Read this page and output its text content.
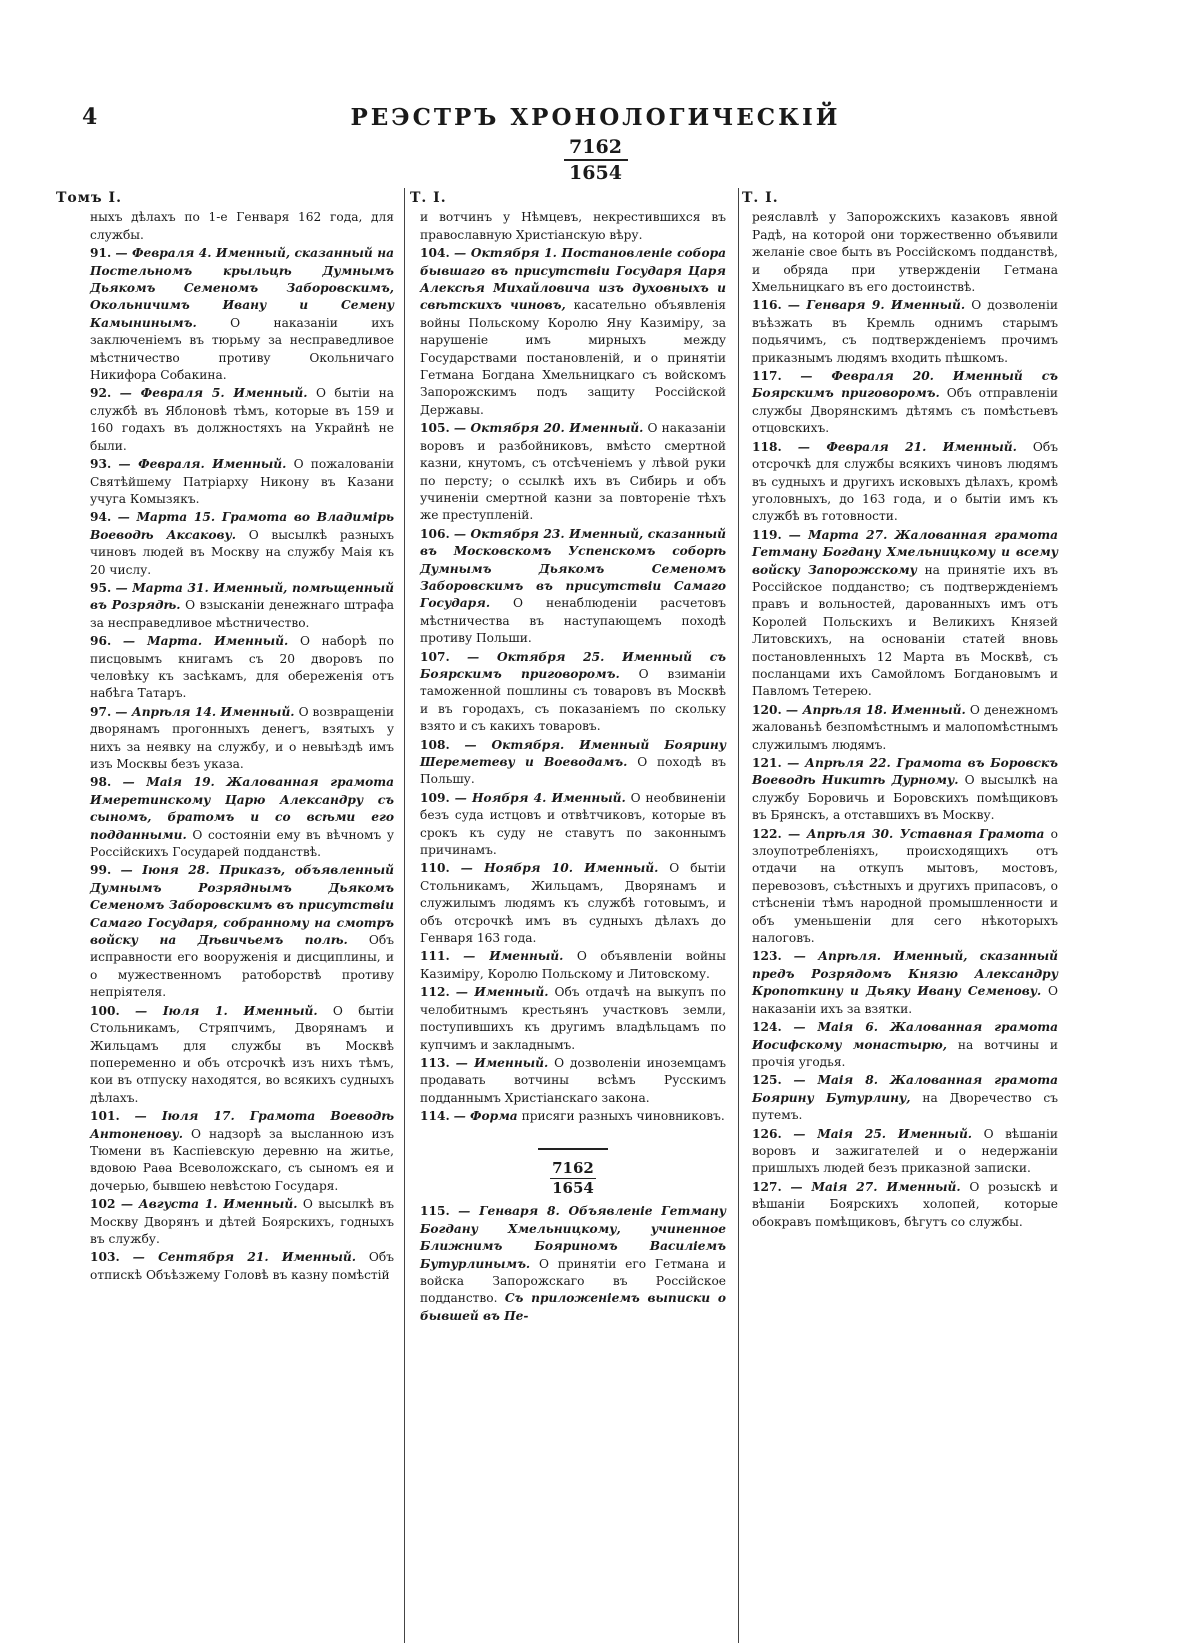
4	РЕЭСТРЪ ХРОНОЛОГИЧЕСКІЙ
7162
1654
Томъ I.
ныхъ дѣлахъ по 1-е Генваря 162 года, для службы.
91. — Февраля 4. Именный, сказанный на Постельномъ крыльцѣ Думнымъ Дьякомъ Семеномъ Заборовскимъ, Окольничимъ Ивану и Семену Камынинымъ.	О наказаніи ихъ заключеніемъ въ тюрьму за несправедливое мѣстничество противу Окольничаго Никифора Собакина.
92. — Февраля 5. Именный. О бытіи на службѣ въ Яблоновѣ тѣмъ, которые въ 159 и 160 годахъ въ должностяхъ на Украйнѣ не были.
93. — Февраля. Именный. О пожалованіи Святѣйшему Патріарху Никону въ Казани учуга Комызякъ.
94. — Марта 15. Грамота во Владимірь Воеводѣ Аксакову. О высылкѣ разныхъ чиновъ людей въ Москву на службу Маія къ 20 числу.
95. — Марта 31. Именный, помѣщенный въ Розрядѣ. О взысканіи денежнаго штрафа за несправедливое мѣстничество.
96. — Марта. Именный. О наборѣ по писцовымъ книгамъ съ 20 дворовъ по человѣку къ засѣкамъ, для обереженія отъ набѣга Татаръ.
97. — Апрѣля 14. Именный. О возвращеніи дворянамъ прогонныхъ денегъ, взятыхъ у нихъ за неявку на службу, и о невыѣздѣ имъ изъ Москвы безъ указа.
98. — Маія 19. Жалованная грамота Имеретинскому Царю Александру съ сыномъ, братомъ и со всѣми его подданными. О состояніи ему въ вѣчномъ у Россійскихъ Государей подданствѣ.
99. — Іюня 28. Приказъ, объявленный Думнымъ Розряднымъ Дьякомъ Семеномъ Заборовскимъ въ присутствіи Самаго Государя, собранному на смотръ войску на Дѣвичьемъ полѣ. Объ исправности его вооруженія и дисциплины, и о мужественномъ ратоборствѣ противу непріятеля.
100. — Іюля 1. Именный. О бытіи Стольникамъ, Стряпчимъ, Дворянамъ и Жильцамъ для службы въ Москвѣ попеременно и объ отсрочкѣ изъ нихъ тѣмъ, кои въ отпуску находятся, во всякихъ судныхъ дѣлахъ.
101. — Іюля 17. Грамота Воеводѣ Антоненову. О надзорѣ за высланною изъ Тюмени въ Каспіевскую деревню на житье, вдовою Раѳа Всеволожскаго, съ сыномъ ея и дочерью, бывшею невѣстою Государя.
102 — Августа 1. Именный. О высылкѣ въ Москву Дворянъ и дѣтей Боярскихъ, годныхъ въ службу.
103. — Сентября 21. Именный. Объ отпискѣ Объѣзжему Головѣ въ казну помѣстій
Т. I.
и вотчинъ у Нѣмцевъ, некрестившихся въ православную Христіанскую вѣру.
104. — Октября 1. Постановленіе собора бывшаго въ присутствіи Государя Царя Алексѣя Михайловича изъ духовныхъ и свѣтскихъ чиновъ, касательно объявленія войны Польскому Королю Яну Казиміру, за нарушеніе имъ мирныхъ между Государствами постановленій, и о принятіи Гетмана Богдана Хмельницкаго съ войскомъ Запорожскимъ подъ защиту Россійской Державы.
105. — Октября 20. Именный. О наказаніи воровъ и разбойниковъ, вмѣсто смертной казни, кнутомъ, съ отсѣченіемъ у лѣвой руки по персту; о ссылкѣ ихъ въ Сибирь и объ учиненіи смертной казни за повтореніе тѣхъ же преступленій.
106. — Октября 23. Именный, сказанный въ Московскомъ Успенскомъ соборѣ Думнымъ Дьякомъ Семеномъ Заборовскимъ въ присутствіи Самаго Государя. О ненаблюденіи расчетовъ мѣстничества въ наступающемъ походѣ противу Польши.
107. — Октября 25. Именный съ Боярскимъ приговоромъ. О взиманіи таможенной пошлины съ товаровъ въ Москвѣ и въ городахъ, съ показаніемъ по скольку взято и съ какихъ товаровъ.
108. — Октября. Именный Боярину Шереметеву и Воеводамъ. О походѣ въ Польшу.
109. — Ноября 4. Именный. О необвиненіи безъ суда истцовъ и отвѣтчиковъ, которые въ срокъ къ суду не ставутъ по законнымъ причинамъ.
110. — Ноября 10. Именный. О бытіи Стольникамъ, Жильцамъ, Дворянамъ и служилымъ людямъ къ службѣ готовымъ, и объ отсрочкѣ имъ въ судныхъ дѣлахъ до Генваря 163 года.
111. — Именный. О объявленіи войны Казиміру, Королю Польскому и Литовскому.
112. — Именный. Объ отдачѣ на выкупъ по челобитнымъ крестьянъ участковъ земли, поступившихъ къ другимъ владѣльцамъ по купчимъ и закладнымъ.
113. — Именный. О дозволеніи иноземцамъ продавать вотчины всѣмъ Русскимъ подданнымъ Христіанскаго закона.
114. — Форма присяги разныхъ чиновниковъ.
7162
1654
115. — Генваря 8. Объявленіе Гетману Богдану Хмельницкому, учиненное Ближнимъ Бояриномъ Василіемъ Бутурлинымъ. О принятіи его Гетмана и войска Запорожскаго въ Россійское подданство. Съ приложеніемъ выписки о бывшей въ Пе-
Т. I.
реяславлѣ у Запорожскихъ казаковъ явной Радѣ, на которой они торжественно объявили желаніе свое быть въ Россійскомъ подданствѣ, и обряда при утвержденіи Гетмана Хмельницкаго въ его достоинствѣ.
116. — Генваря 9. Именный. О дозволеніи въѣзжать въ Кремль однимъ старымъ подьячимъ, съ подтвержденіемъ прочимъ приказнымъ людямъ входить пѣшкомъ.
117. — Февраля 20. Именный съ Боярскимъ приговоромъ. Объ отправленіи службы Дворянскимъ дѣтямъ съ помѣстьевъ отцовскихъ.
118. — Февраля 21. Именный. Объ отсрочкѣ для службы всякихъ чиновъ людямъ въ судныхъ и другихъ исковыхъ дѣлахъ, кромѣ уголовныхъ, до 163 года, и о бытіи имъ къ службѣ въ готовности.
119. — Марта 27. Жалованная грамота Гетману Богдану Хмельницкому и всему войску Запорожскому на принятіе ихъ въ Россійское подданство; съ подтвержденіемъ правъ и вольностей, дарованныхъ имъ отъ Королей Польскихъ и Великихъ Князей Литовскихъ, на основаніи статей вновь постановленныхъ 12 Марта въ Москвѣ, съ посланцами ихъ Самойломъ Богдановымъ и Павломъ Тетерею.
120. — Апрѣля 18. Именный. О денежномъ жалованьѣ безпомѣстнымъ и малопомѣстнымъ служилымъ людямъ.
121. — Апрѣля 22. Грамота въ Боровскъ Воеводѣ Никитѣ Дурному. О высылкѣ на службу Боровичь и Боровскихъ помѣщиковъ въ Брянскъ, а отставшихъ въ Москву.
122. — Апрѣля 30. Уставная Грамота о злоупотребленіяхъ, происходящихъ отъ отдачи на откупъ мытовъ, мостовъ, перевозовъ, съѣстныхъ и другихъ припасовъ, о стѣсненіи тѣмъ народной промышленности и объ уменьшеніи для сего нѣкоторыхъ налоговъ.
123. — Апрѣля. Именный, сказанный предъ Розрядомъ Князю Александру Кропоткину и Дьяку Ивану Семенову. О наказаніи ихъ за взятки.
124. — Маія 6. Жалованная грамота Иосифскому монастырю, на вотчины и прочія угодья.
125. — Маія 8. Жалованная грамота Боярину Бутурлину, на Дворечество съ путемъ.
126. — Маія 25. Именный. О вѣшаніи воровъ и зажигателей и о недержаніи пришлыхъ людей безъ приказной записки.
127. — Маія 27. Именный. О розыскѣ и вѣшаніи Боярскихъ холопей, которые обокравъ помѣщиковъ, бѣгутъ со службы.
